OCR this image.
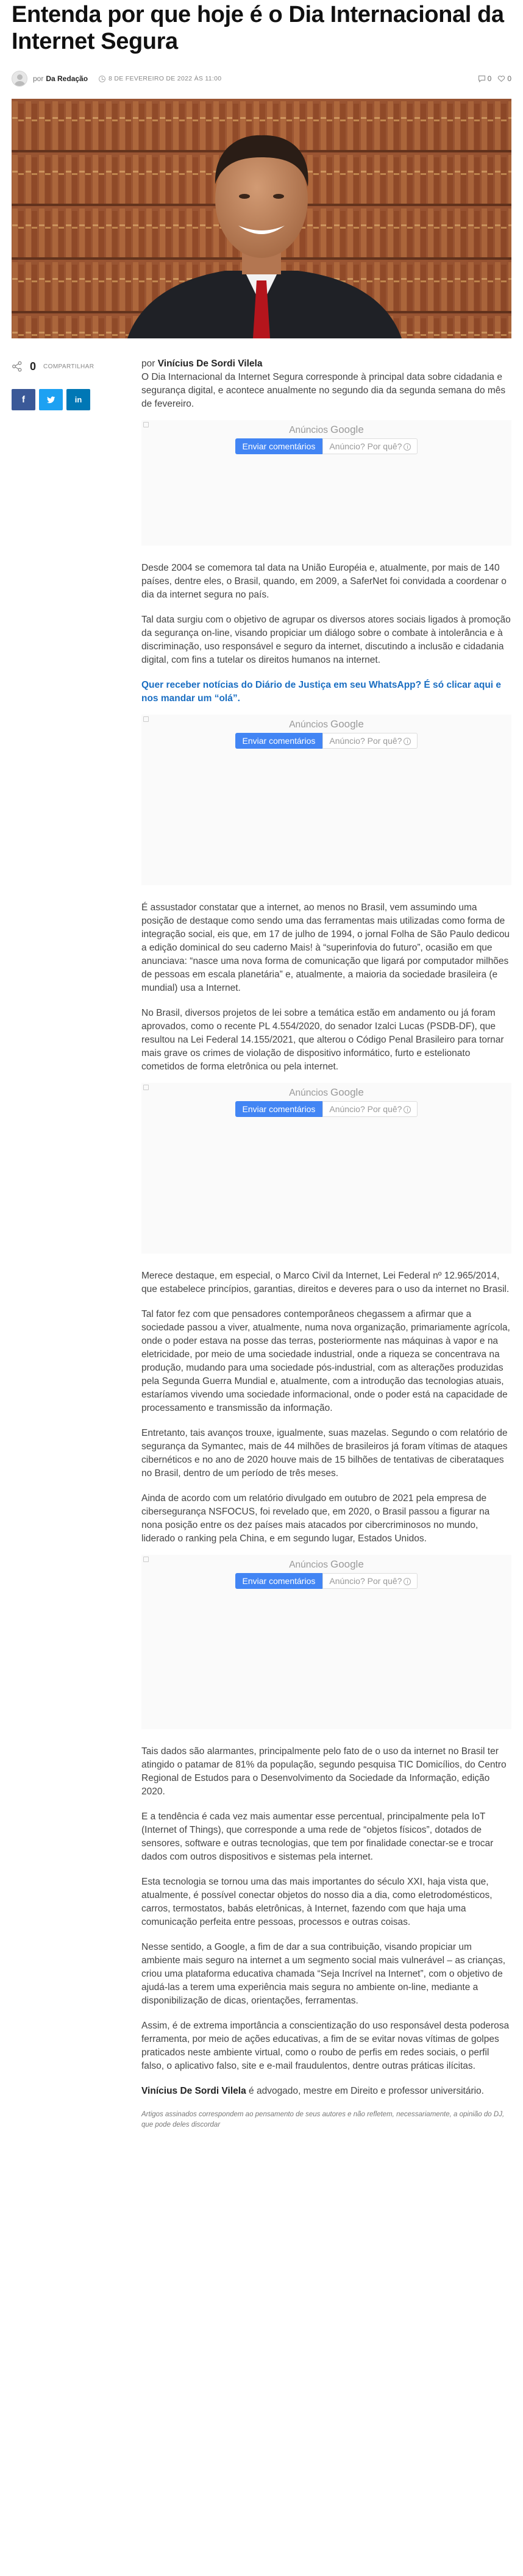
Entenda por que hoje é o Dia Internacional da Internet Segura
por Da Redação	8 DE FEVEREIRO DE 2022 ÀS 11:00	0	0
0 COMPARTILHAR
f	in

por Vinícius De Sordi Vilela

O Dia Internacional da Internet Segura corresponde à principal data sobre cidadania e segurança digital, e acontece anualmente no segundo dia da segunda semana do mês de fevereiro.

Anúncios Google
Enviar comentários	Anúncio? Por quê? i

Desde 2004 se comemora tal data na União Européia e, atualmente, por mais de 140 países, dentre eles, o Brasil, quando, em 2009, a SaferNet foi convidada a coordenar o dia da internet segura no país.

Tal data surgiu com o objetivo de agrupar os diversos atores sociais ligados à promoção da segurança on-line, visando propiciar um diálogo sobre o combate à intolerância e à discriminação, uso responsável e seguro da internet, discutindo a inclusão e cidadania digital, com fins a tutelar os direitos humanos na internet.

Quer receber notícias do Diário de Justiça em seu WhatsApp? É só clicar aqui e nos mandar um “olá”.

Anúncios Google
Enviar comentários	Anúncio? Por quê? i

É assustador constatar que a internet, ao menos no Brasil, vem assumindo uma posição de destaque como sendo uma das ferramentas mais utilizadas como forma de integração social, eis que, em 17 de julho de 1994, o jornal Folha de São Paulo dedicou a edição dominical do seu caderno Mais! à “superinfovia do futuro”, ocasião em que anunciava: “nasce uma nova forma de comunicação que ligará por computador milhões de pessoas em escala planetária” e, atualmente, a maioria da sociedade brasileira (e mundial) usa a Internet.

No Brasil, diversos projetos de lei sobre a temática estão em andamento ou já foram aprovados, como o recente PL 4.554/2020, do senador Izalci Lucas (PSDB-DF), que resultou na Lei Federal 14.155/2021, que alterou o Código Penal Brasileiro para tornar mais grave os crimes de violação de dispositivo informático, furto e estelionato cometidos de forma eletrônica ou pela internet.

Anúncios Google
Enviar comentários	Anúncio? Por quê? i

Merece destaque, em especial, o Marco Civil da Internet, Lei Federal nº 12.965/2014, que estabelece princípios, garantias, direitos e deveres para o uso da internet no Brasil.

Tal fator fez com que pensadores contemporâneos chegassem a afirmar que a sociedade passou a viver, atualmente, numa nova organização, primariamente agrícola, onde o poder estava na posse das terras, posteriormente nas máquinas à vapor e na eletricidade, por meio de uma sociedade industrial, onde a riqueza se concentrava na produção, mudando para uma sociedade pós-industrial, com as alterações produzidas pela Segunda Guerra Mundial e, atualmente, com a introdução das tecnologias atuais, estaríamos vivendo uma sociedade informacional, onde o poder está na capacidade de processamento e transmissão da informação.

Entretanto, tais avanços trouxe, igualmente, suas mazelas. Segundo o com relatório de segurança da Symantec, mais de 44 milhões de brasileiros já foram vítimas de ataques cibernéticos e no ano de 2020 houve mais de 15 bilhões de tentativas de ciberataques no Brasil, dentro de um período de três meses.

Ainda de acordo com um relatório divulgado em outubro de 2021 pela empresa de cibersegurança NSFOCUS, foi revelado que, em 2020, o Brasil passou a figurar na nona posição entre os dez países mais atacados por cibercriminosos no mundo, liderado o ranking pela China, e em segundo lugar, Estados Unidos.

Anúncios Google
Enviar comentários	Anúncio? Por quê? i

Tais dados são alarmantes, principalmente pelo fato de o uso da internet no Brasil ter atingido o patamar de 81% da população, segundo pesquisa TIC Domicílios, do Centro Regional de Estudos para o Desenvolvimento da Sociedade da Informação, edição 2020.

E a tendência é cada vez mais aumentar esse percentual, principalmente pela IoT (Internet of Things), que corresponde a uma rede de “objetos físicos”, dotados de sensores, software e outras tecnologias, que tem por finalidade conectar-se e trocar dados com outros dispositivos e sistemas pela internet.

Esta tecnologia se tornou uma das mais importantes do século XXI, haja vista que, atualmente, é possível conectar objetos do nosso dia a dia, como eletrodomésticos, carros, termostatos, babás eletrônicas, à Internet, fazendo com que haja uma comunicação perfeita entre pessoas, processos e outras coisas.

Nesse sentido, a Google, a fim de dar a sua contribuição, visando propiciar um ambiente mais seguro na internet a um segmento social mais vulnerável – as crianças, criou uma plataforma educativa chamada “Seja Incrível na Internet”, com o objetivo de ajudá-las a terem uma experiência mais segura no ambiente on-line, mediante a disponibilização de dicas, orientações, ferramentas.

Assim, é de extrema importância a conscientização do uso responsável desta poderosa ferramenta, por meio de ações educativas, a fim de se evitar novas vítimas de golpes praticados neste ambiente virtual, como o roubo de perfis em redes sociais, o perfil falso, o aplicativo falso, site e e-mail fraudulentos, dentre outras práticas ilícitas.

Vinícius De Sordi Vilela é advogado, mestre em Direito e professor universitário.

Artigos assinados correspondem ao pensamento de seus autores e não refletem, necessariamente, a opinião do DJ, que pode deles discordar
